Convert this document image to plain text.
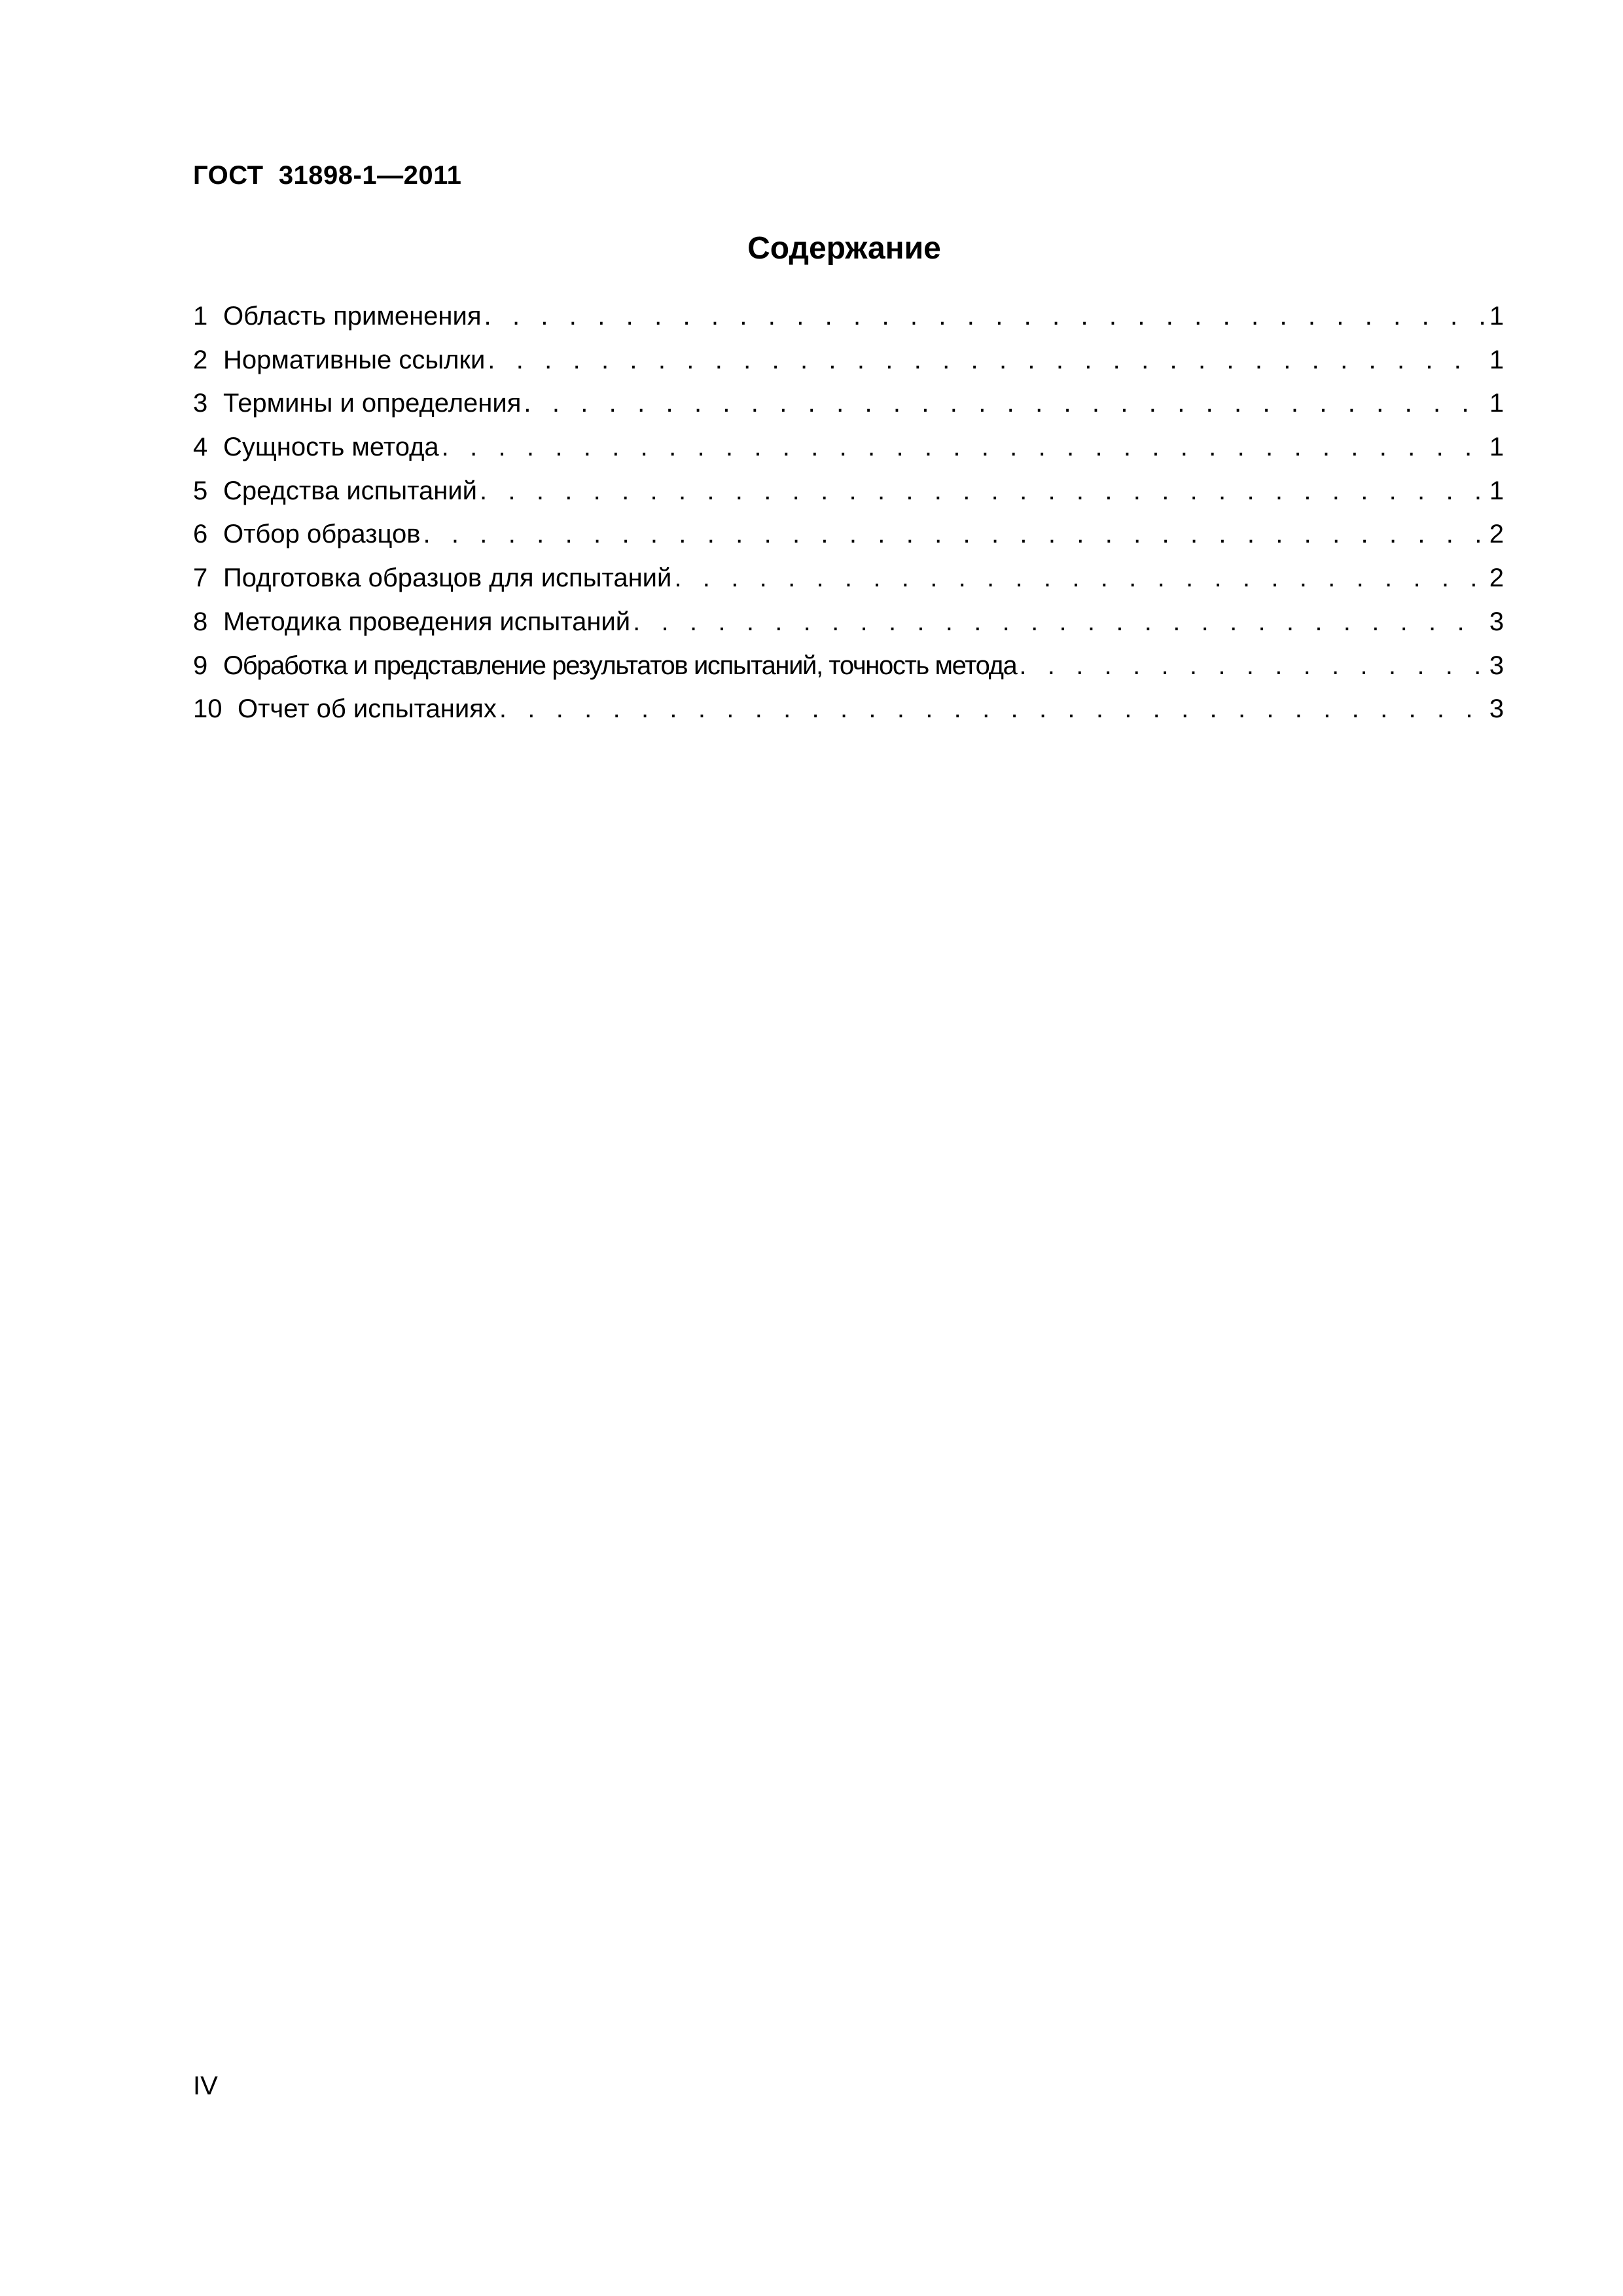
ГОСТ  31898-1—2011
Содержание
1 Область применения . . .	1
2 Нормативные ссылки . . .	1
3 Термины и определения . . .	1
4 Сущность метода . . .	1
5 Средства испытаний . . .	1
6 Отбор образцов . . .	2
7 Подготовка образцов для испытаний . . .	2
8 Методика проведения испытаний . . .	3
9 Обработка и представление результатов испытаний, точность метода . . .	3
10 Отчет об испытаниях . . .	3
IV
